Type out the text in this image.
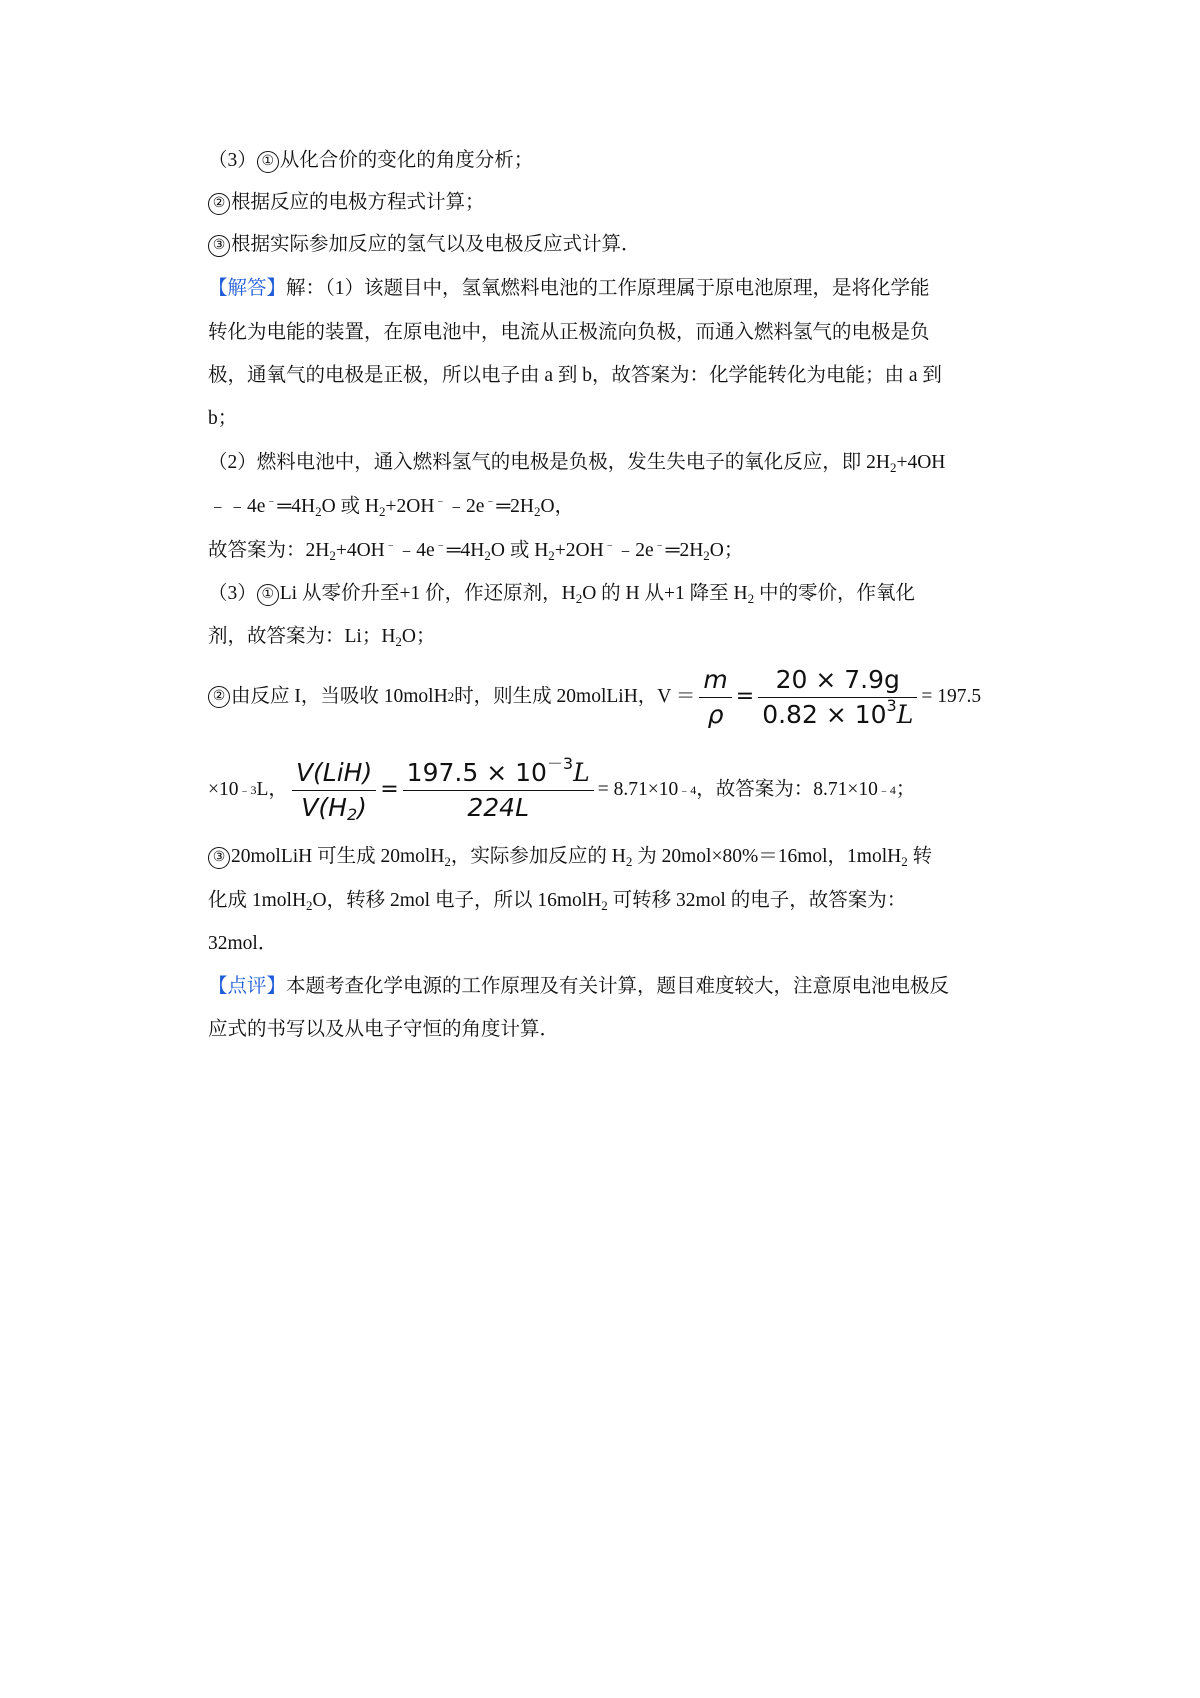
（3） ① 从化合价的变化的角度分析；
② 根据反应的电极方程式计算；
③ 根据实际参加反应的氢气以及电极反应式计算．
【解答】解：（1）该题目中，氢氧燃料电池的工作原理属于原电池原理，是将化学能
转化为电能的装置，在原电池中，电流从正极流向负极，而通入燃料氢气的电极是负
极，通氧气的电极是正极，所以电子由 a 到 b，故答案为：化学能转化为电能；由 a 到
b；
（2）燃料电池中，通入燃料氢气的电极是负极，发生失电子的氧化反应，即 $2H_2+4OH$
$﹣﹣4e^﹣═4H_2O$ 或 $H_2+2OH^﹣﹣2e^﹣═2H_2O$，
故答案为：$2H_2+4OH^﹣﹣4e^﹣═4H_2O$ 或 $H_2+2OH^﹣﹣2e^﹣═2H_2O$；
（3） ① Li 从零价升至+1 价，作还原剂，$H_2O$ 的 H 从+1 降至 $H_2$ 中的零价，作氧化
剂，故答案为：Li；$H_2O$；
② 由反应 I，当吸收 10molH 2 时，则生成 20molLiH，$V = \frac{m}{\rho} = \frac{20 \times 7.9g}{0.82 \times 10^3L} = 197.5$
×10 ﹣3 L， $\frac{\text{V(LiH)}}{V(H_2)} = \frac{197.5 \times 10^{-3}L}{224L} = 8.71\times 10$ ﹣4 ，故答案为：8.71×10 ﹣4 ；
③ 20molLiH 可生成 20molH$_2$，实际参加反应的 $H_2$ 为 20mol×80%＝16mol，1molH$_2$ 转
化成 1molH$_2$O，转移 2mol 电子，所以 16molH$_2$ 可转移 32mol 的电子，故答案为：
32mol．
【点评】本题考查化学电源的工作原理及有关计算，题目难度较大，注意原电池电极反
应式的书写以及从电子守恒的角度计算．
